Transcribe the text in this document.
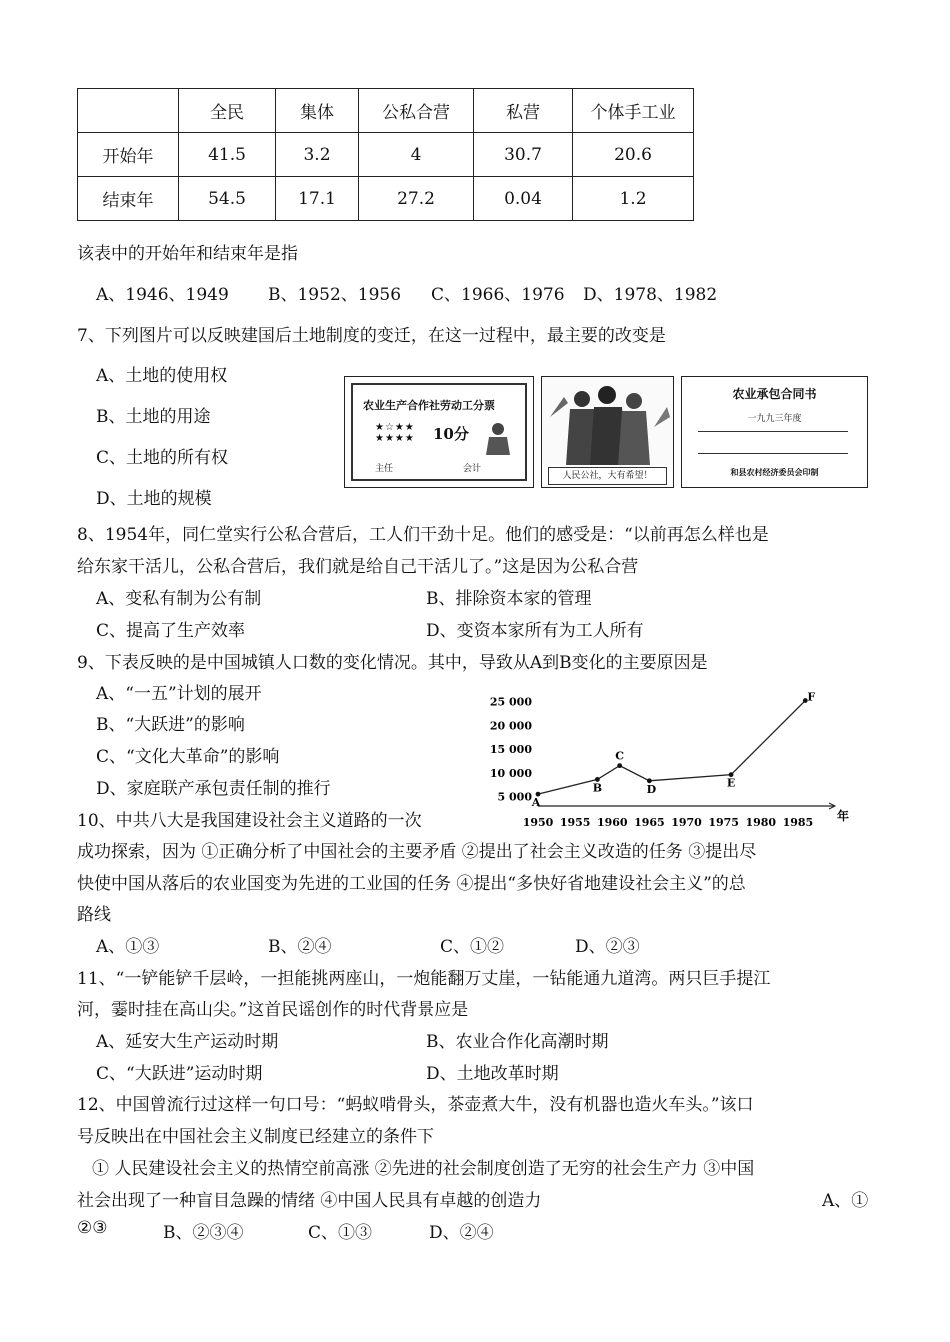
	全民	集体	公私合营	私营	个体手工业
开始年	41.5	3.2	4	30.7	20.6
结束年	54.5	17.1	27.2	0.04	1.2
该表中的开始年和结束年是指
A、1946、1949 B、1952、1956 C、1966、1976 D、1978、1982
7、下列图片可以反映建国后土地制度的变迁，在这一过程中，最主要的改变是
A、土地的使用权
B、土地的用途
C、土地的所有权
D、土地的规模
农业生产合作社劳动工分票
★☆★★
★★★★ 10分
主任	会计
人民公社，大有希望！
农业承包合同书
一九九三年度
和县农村经济委员会印制
8、1954年，同仁堂实行公私合营后，工人们干劲十足。他们的感受是：“以前再怎么样也是
给东家干活儿，公私合营后，我们就是给自己干活儿了。”这是因为公私合营
A、变私有制为公有制	B、排除资本家的管理
C、提高了生产效率	D、变资本家所有为工人所有
9、下表反映的是中国城镇人口数的变化情况。其中，导致从A到B变化的主要原因是
A、“一五”计划的展开
B、“大跃进”的影响
C、“文化大革命”的影响
D、家庭联产承包责任制的推行
年
1950 1955 1960 1965 1970 1975 1980 1985
5 000
10 000
15 000
20 000
25 000
A
B
C
D	E
F
10、中共八大是我国建设社会主义道路的一次
成功探索，因为 ①正确分析了中国社会的主要矛盾 ②提出了社会主义改造的任务 ③提出尽
快使中国从落后的农业国变为先进的工业国的任务 ④提出“多快好省地建设社会主义”的总
路线
A、①③	B、②④	C、①②	D、②③
11、“一铲能铲千层岭，一担能挑两座山，一炮能翻万丈崖，一钻能通九道湾。两只巨手提江
河，霎时挂在高山尖。”这首民谣创作的时代背景应是
A、延安大生产运动时期	B、农业合作化高潮时期
C、“大跃进”运动时期	D、土地改革时期
12、中国曾流行过这样一句口号：“蚂蚁啃骨头，茶壶煮大牛，没有机器也造火车头。”该口
号反映出在中国社会主义制度已经建立的条件下
① 人民建设社会主义的热情空前高涨 ②先进的社会制度创造了无穷的社会生产力 ③中国
社会出现了一种盲目急躁的情绪 ④中国人民具有卓越的创造力	A、①
②③	B、②③④	C、①③	D、②④
